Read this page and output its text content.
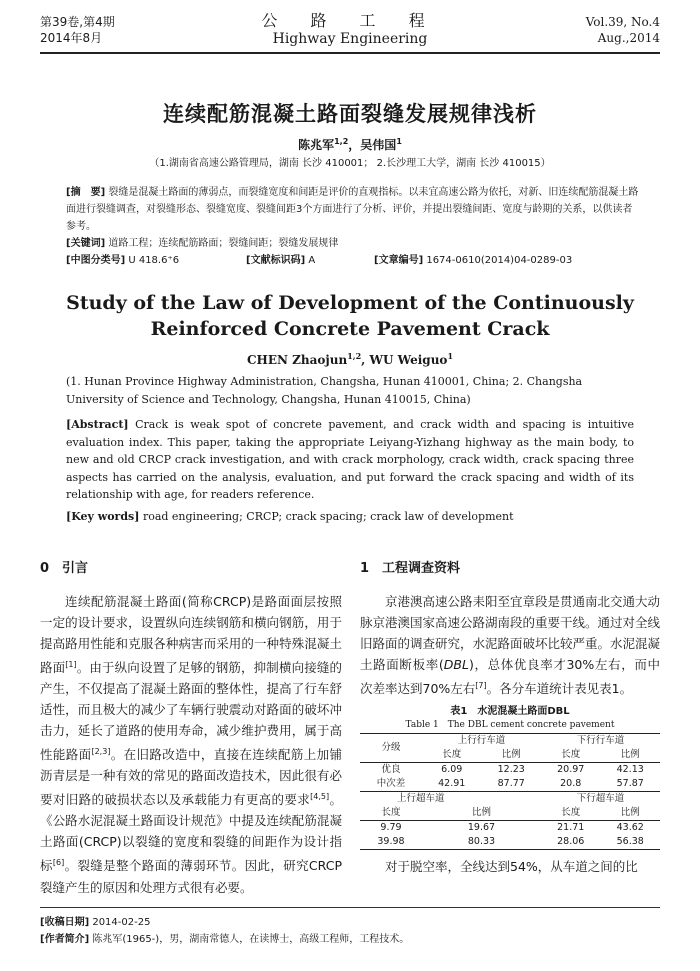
第39卷,第4期
2014年8月
公 路 工 程
Highway Engineering
Vol.39, No.4
Aug.,2014
连续配筋混凝土路面裂缝发展规律浅析
陈兆军$^{1,2}$，吴伟国$^1$
（1.湖南省高速公路管理局，湖南 长沙 410001； 2.长沙理工大学，湖南 长沙 410015）

[摘　要] 裂缝是混凝土路面的薄弱点，而裂缝宽度和间距是评价的直观指标。以耒宜高速公路为依托，对新、旧连续配筋混凝土路面进行裂缝调查，对裂缝形态、裂缝宽度、裂缝间距3个方面进行了分析、评价，并提出裂缝间距、宽度与龄期的关系，以供读者参考。

[关键词] 道路工程；连续配筋路面；裂缝间距；裂缝发展规律

[中图分类号] U 418.6⁺6	[文献标识码] A	[文章编号] 1674-0610(2014)04-0289-03

Study of the Law of Development of the Continuously Reinforced Concrete Pavement Crack
CHEN Zhaojun$^{1,2}$, WU Weiguo$^1$
(1. Hunan Province Highway Administration, Changsha, Hunan 410001, China; 2. Changsha University of Science and Technology, Changsha, Hunan 410015, China)

[Abstract] Crack is weak spot of concrete pavement, and crack width and spacing is intuitive evaluation index. This paper, taking the appropriate Leiyang-Yizhang highway as the main body, to new and old CRCP crack investigation, and with crack morphology, crack width, crack spacing three aspects has carried on the analysis, evaluation, and put forward the crack spacing and width of its relationship with age, for readers reference.

[Key words] road engineering; CRCP; crack spacing; crack law of development

0　引言

连续配筋混凝土路面(简称CRCP)是路面面层按照一定的设计要求，设置纵向连续钢筋和横向钢筋，用于提高路用性能和克服各种病害而采用的一种特殊混凝土路面[1]。由于纵向设置了足够的钢筋，抑制横向接缝的产生，不仅提高了混凝土路面的整体性，提高了行车舒适性，而且极大的减少了车辆行驶震动对路面的破坏冲击力，延长了道路的使用寿命，减少维护费用，属于高性能路面[2,3]。在旧路改造中，直接在连续配筋上加铺沥青层是一种有效的常见的路面改造技术，因此很有必要对旧路的破损状态以及承载能力有更高的要求[4,5]。《公路水泥混凝土路面设计规范》中提及连续配筋混凝土路面(CRCP)以裂缝的宽度和裂缝的间距作为设计指标[6]。裂缝是整个路面的薄弱环节。因此，研究CRCP裂缝产生的原因和处理方式很有必要。

1　工程调查资料

京港澳高速公路耒阳至宜章段是贯通南北交通大动脉京港澳国家高速公路湖南段的重要干线。通过对全线旧路面的调查研究，水泥路面破坏比较严重。水泥混凝土路面断板率(DBL)，总体优良率才30%左右，而中次差率达到70%左右[7]。各分车道统计表见表1。

表1　水泥混凝土路面DBL
Table 1　The DBL cement concrete pavement
分级	上行行车道		下行行车道	
	长度	比例	长度	比例
优良	6.09	12.23	20.97	42.13
中次差	42.91	87.77	20.8	57.87
上行超车道			下行超车道	
长度	比例		长度	比例
9.79	19.67		21.71	43.62
39.98	80.33		28.06	56.38

对于脱空率，全线达到54%，从车道之间的比

[收稿日期] 2014-02-25

[作者简介] 陈兆军(1965-)，男，湖南常德人，在读博士，高级工程师，工程技术。
